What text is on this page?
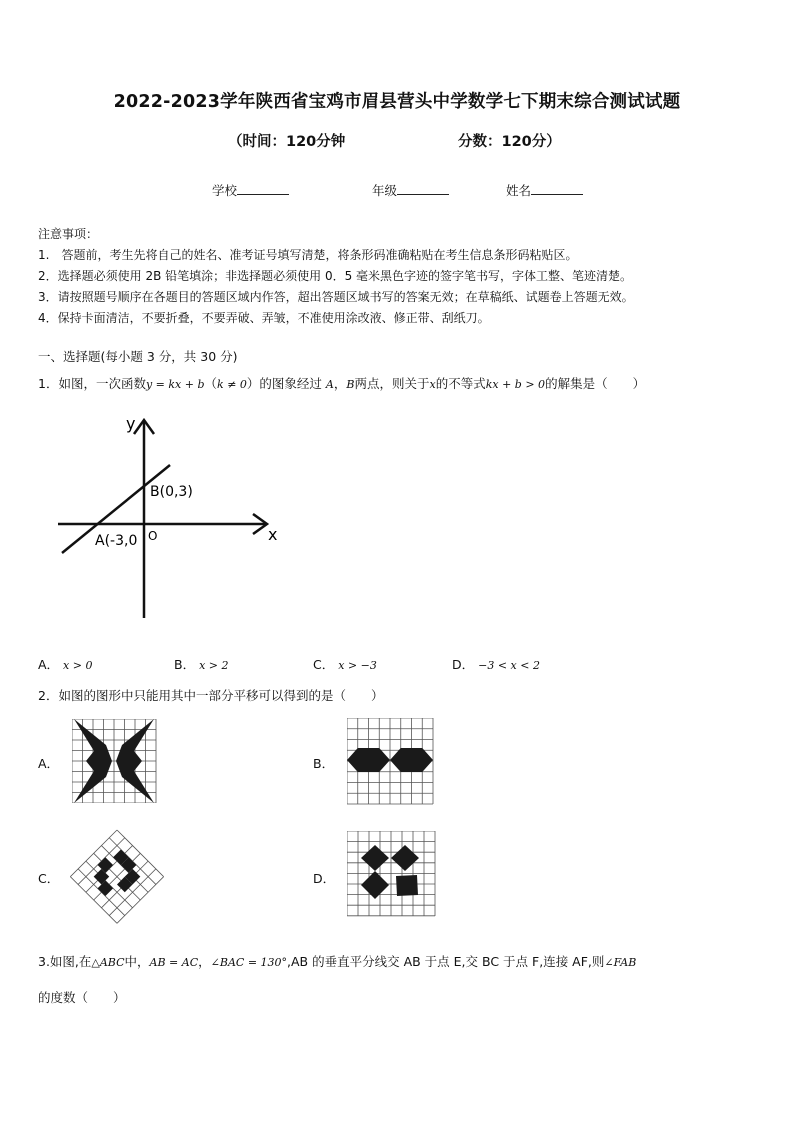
2022-2023学年陕西省宝鸡市眉县营头中学数学七下期末综合测试试题
（时间：120分钟	分数：120分）
学校	年级	姓名
注意事项：
1.　答题前，考生先将自己的姓名、准考证号填写清楚，将条形码准确粘贴在考生信息条形码粘贴区。
2．选择题必须使用 2B 铅笔填涂；非选择题必须使用 0．5 毫米黑色字迹的签字笔书写，字体工整、笔迹清楚。
3．请按照题号顺序在各题目的答题区域内作答，超出答题区域书写的答案无效；在草稿纸、试题卷上答题无效。
4．保持卡面清洁，不要折叠，不要弄破、弄皱，不准使用涂改液、修正带、刮纸刀。
一、选择题(每小题 3 分，共 30 分)
1．如图，一次函数y = kx + b（k ≠ 0）的图象经过 A，B两点，则关于x的不等式kx + b > 0的解集是（　　）
y
x
O
B(0,3)
A(-3,0
A． x > 0	B． x > 2	C． x > −3	D． −3 < x < 2
2．如图的图形中只能用其中一部分平移可以得到的是（　　）
A．	B．
C．	D．
3.如图,在△ABC中，AB = AC，∠BAC = 130°,AB 的垂直平分线交 AB 于点 E,交 BC 于点 F,连接 AF,则∠FAB
的度数（　　）
